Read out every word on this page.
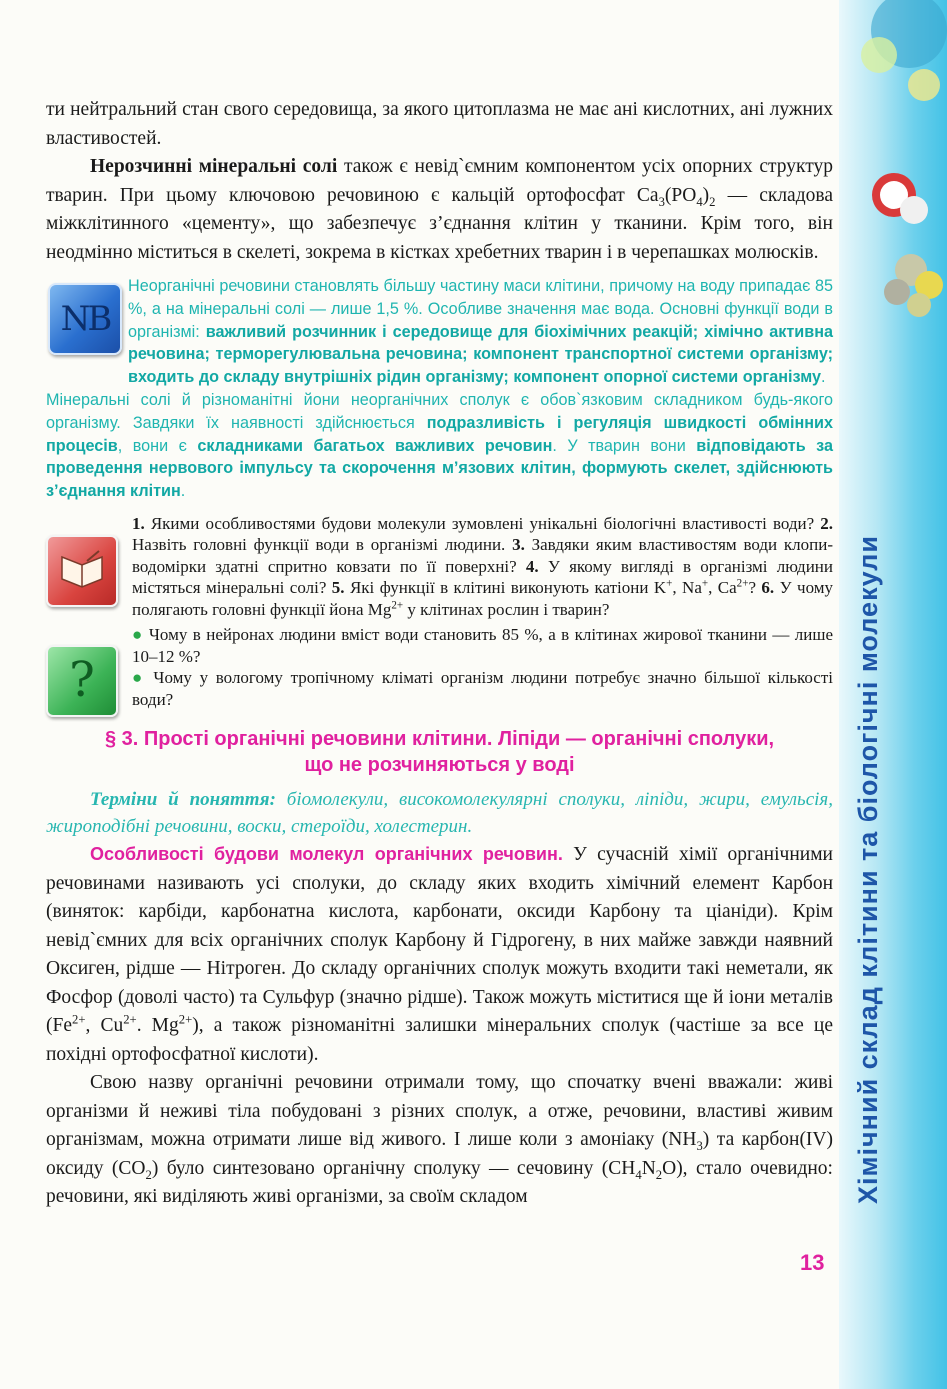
Хімічний склад клітини та біологічні молекули

ти нейтральний стан свого середовища, за якого цитоплазма не має ані кислотних, ані лужних властивостей.

Нерозчинні мінеральні солі також є невід`ємним компонентом усіх опорних структур тварин. При цьому ключовою речовиною є кальцій ортофосфат $Ca_3(PO_4)_2$ — складова міжклітинного «цементу», що забезпечує з’єднання клітин у тканини. Крім того, він неодмінно міститься в скелеті, зокрема в кістках хребетних тварин і в черепашках молюсків.

NB

Неорганічні речовини становлять більшу частину маси клітини, причому на воду припадає 85 %, а на мінеральні солі — лише 1,5 %. Особливе значення має вода. Основні функції води в організмі: важливий розчинник і середовище для біохімічних реакцій; хімічно активна речовина; терморегулювальна речовина; компонент транспортної системи організму; входить до складу внутрішніх рідин організму; компонент опорної системи організму.

Мінеральні солі й різноманітні йони неорганічних сполук є обов`язковим складником будь-якого організму. Завдяки їх наявності здійснюється подразливість і регуляція швидкості обмінних процесів, вони є складниками багатьох важливих речовин. У тварин вони відповідають за проведення нервового імпульсу та скорочення м’язових клітин, формують скелет, здійснюють з’єднання клітин.

1. Якими особливостями будови молекули зумовлені унікальні біологічні властивості води? 2. Назвіть головні функції води в організмі людини. 3. Завдяки яким властивостям води клопи-водомірки здатні спритно ковзати по її поверхні? 4. У якому вигляді в організмі людини містяться мінеральні солі? 5. Які функції в клітині виконують катіони K+, Na+, $Ca^{2+}$? 6. У чому полягають головні функції йона $Mg^{2+}$ у клітинах рослин і тварин?

?

● Чому в нейронах людини вміст води становить 85 %, а в клітинах жирової тканини — лише 10–12 %?

● Чому у вологому тропічному кліматі організм людини потребує значно більшої кількості води?

§ 3. Прості органічні речовини клітини. Ліпіди — органічні сполуки,
що не розчиняються у воді

Терміни й поняття: біомолекули, високомолекулярні сполуки, ліпіди, жири, емульсія, жироподібні речовини, воски, стероїди, холестерин.

Особливості будови молекул органічних речовин. У сучасній хімії органічними речовинами називають усі сполуки, до складу яких входить хімічний елемент Карбон (виняток: карбіди, карбонатна кислота, карбонати, оксиди Карбону та ціаніди). Крім невід`ємних для всіх органічних сполук Карбону й Гідрогену, в них майже завжди наявний Оксиген, рідше — Нітроген. До складу органічних сполук можуть входити такі неметали, як Фосфор (доволі часто) та Сульфур (значно рідше). Також можуть міститися ще й іони металів ($Fe^{2+}$, $Cu^{2+}$. $Mg^{2+}$), а також різноманітні залишки мінеральних сполук (частіше за все це похідні ортофосфатної кислоти).

Свою назву органічні речовини отримали тому, що спочатку вчені вважали: живі організми й неживі тіла побудовані з різних сполук, а отже, речовини, властиві живим організмам, можна отримати лише від живого. І лише коли з амоніаку $(NH_3)$ та карбон(IV) оксиду $(CO_2)$ було синтезовано органічну сполуку — сечовину $(CH_4N_2O)$, стало очевидно: речовини, які виділяють живі організми, за своїм складом

13
